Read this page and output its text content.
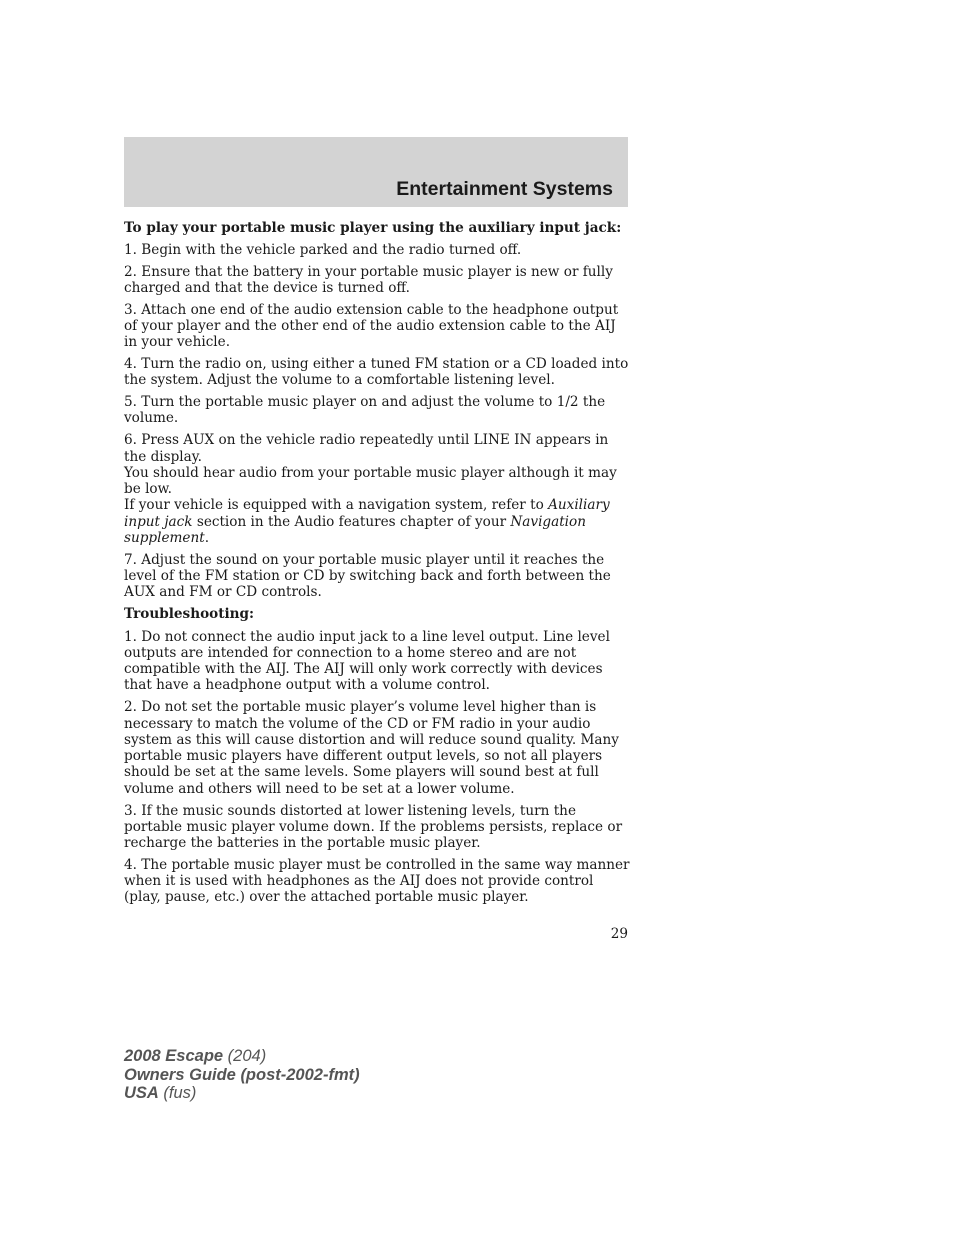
Entertainment Systems

To play your portable music player using the auxiliary input jack:

1. Begin with the vehicle parked and the radio turned off.

2. Ensure that the battery in your portable music player is new or fully charged and that the device is turned off.

3. Attach one end of the audio extension cable to the headphone output of your player and the other end of the audio extension cable to the AIJ in your vehicle.

4. Turn the radio on, using either a tuned FM station or a CD loaded into the system. Adjust the volume to a comfortable listening level.

5. Turn the portable music player on and adjust the volume to 1/2 the volume.

6. Press AUX on the vehicle radio repeatedly until LINE IN appears in the display.

You should hear audio from your portable music player although it may be low.

If your vehicle is equipped with a navigation system, refer to Auxiliary input jack section in the Audio features chapter of your Navigation supplement.

7. Adjust the sound on your portable music player until it reaches the level of the FM station or CD by switching back and forth between the AUX and FM or CD controls.

Troubleshooting:

1. Do not connect the audio input jack to a line level output. Line level outputs are intended for connection to a home stereo and are not compatible with the AIJ. The AIJ will only work correctly with devices that have a headphone output with a volume control.

2. Do not set the portable music player’s volume level higher than is necessary to match the volume of the CD or FM radio in your audio system as this will cause distortion and will reduce sound quality. Many portable music players have different output levels, so not all players should be set at the same levels. Some players will sound best at full volume and others will need to be set at a lower volume.

3. If the music sounds distorted at lower listening levels, turn the portable music player volume down. If the problems persists, replace or recharge the batteries in the portable music player.

4. The portable music player must be controlled in the same way manner when it is used with headphones as the AIJ does not provide control (play, pause, etc.) over the attached portable music player.

29
2008 Escape (204)
Owners Guide (post-2002-fmt)
USA (fus)
